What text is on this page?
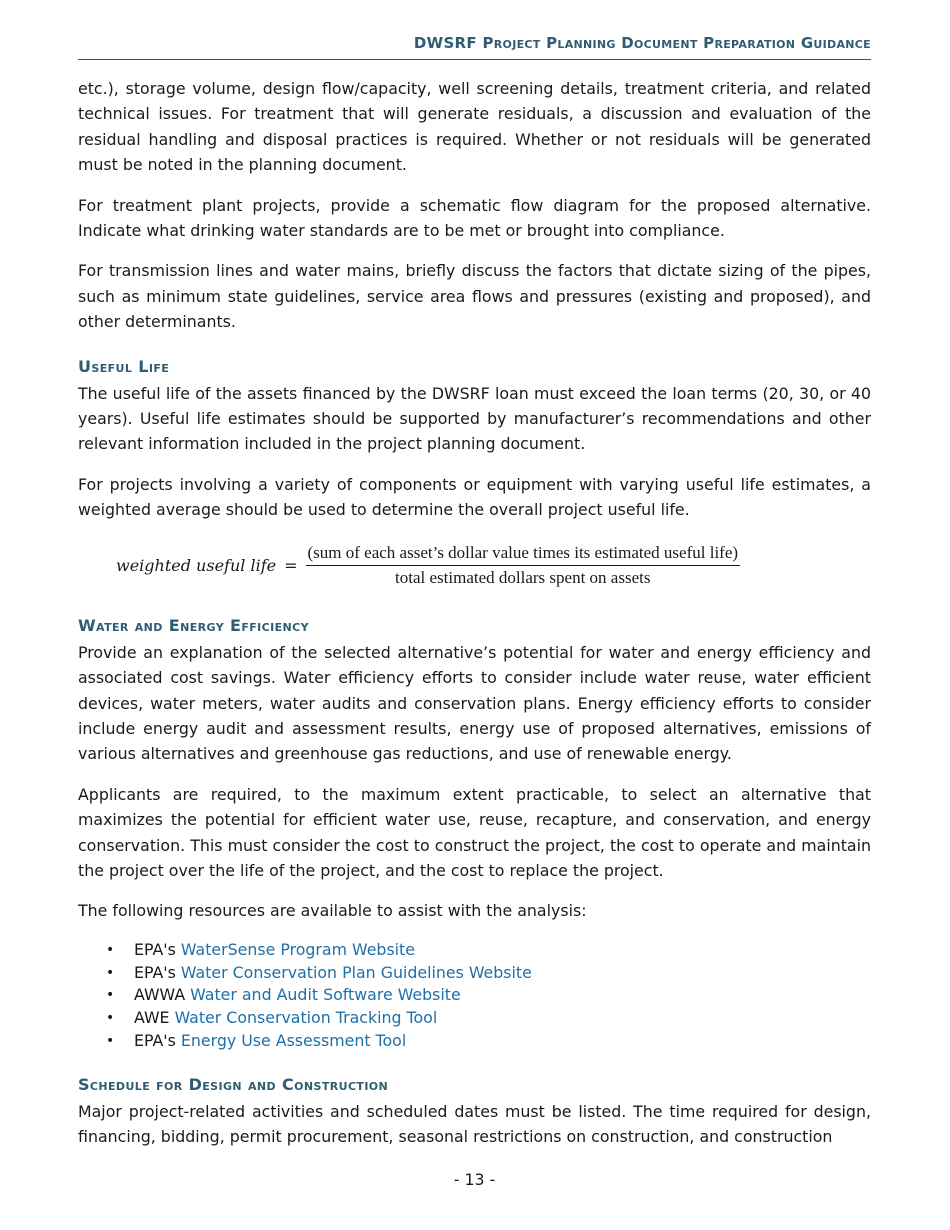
DWSRF Project Planning Document Preparation Guidance

etc.), storage volume, design flow/capacity, well screening details, treatment criteria, and related technical issues. For treatment that will generate residuals, a discussion and evaluation of the residual handling and disposal practices is required. Whether or not residuals will be generated must be noted in the planning document.

For treatment plant projects, provide a schematic flow diagram for the proposed alternative. Indicate what drinking water standards are to be met or brought into compliance.

For transmission lines and water mains, briefly discuss the factors that dictate sizing of the pipes, such as minimum state guidelines, service area flows and pressures (existing and proposed), and other determinants.

Useful Life

The useful life of the assets financed by the DWSRF loan must exceed the loan terms (20, 30, or 40 years). Useful life estimates should be supported by manufacturer’s recommendations and other relevant information included in the project planning document.

For projects involving a variety of components or equipment with varying useful life estimates, a weighted average should be used to determine the overall project useful life.

weighted useful life =
(sum of each asset’s dollar value times its estimated useful life)
total estimated dollars spent on assets
Water and Energy Efficiency

Provide an explanation of the selected alternative’s potential for water and energy efficiency and associated cost savings. Water efficiency efforts to consider include water reuse, water efficient devices, water meters, water audits and conservation plans. Energy efficiency efforts to consider include energy audit and assessment results, energy use of proposed alternatives, emissions of various alternatives and greenhouse gas reductions, and use of renewable energy.

Applicants are required, to the maximum extent practicable, to select an alternative that maximizes the potential for efficient water use, reuse, recapture, and conservation, and energy conservation. This must consider the cost to construct the project, the cost to operate and maintain the project over the life of the project, and the cost to replace the project.

The following resources are available to assist with the analysis:

• EPA's WaterSense Program Website
• EPA's Water Conservation Plan Guidelines Website
• AWWA Water and Audit Software Website
• AWE Water Conservation Tracking Tool
• EPA's Energy Use Assessment Tool
Schedule for Design and Construction

Major project-related activities and scheduled dates must be listed. The time required for design, financing, bidding, permit procurement, seasonal restrictions on construction, and construction

- 13 -
